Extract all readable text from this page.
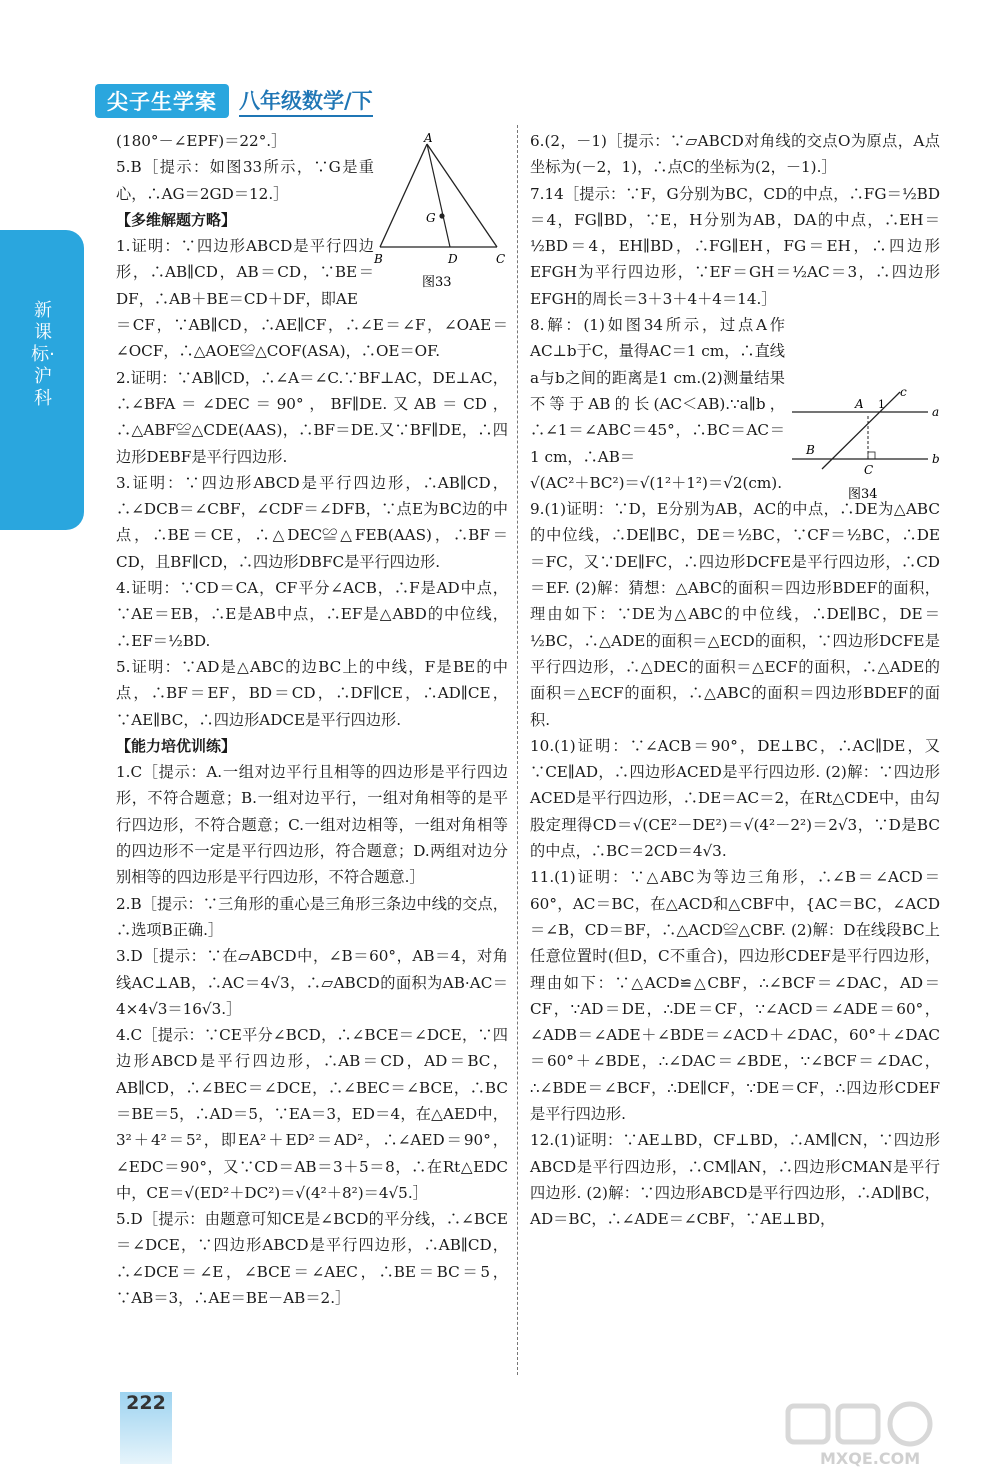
新课标·沪科
尖子生学案	八年级数学/下
(180°－∠EPF)＝22°.］
5.B［提示：如图33所示，∵G是重心，∴AG＝2GD＝12.］
【多维解题方略】
1.证明：∵四边形ABCD是平行四边形，∴AB∥CD，AB＝CD，∵BE＝DF，∴AB＋BE＝CD＋DF，即AE
＝CF，∵AB∥CD，∴AE∥CF，∴∠E＝∠F，∠OAE＝∠OCF，∴△AOE≌△COF(ASA)，∴OE＝OF.
2.证明：∵AB∥CD，∴∠A＝∠C.∵BF⊥AC，DE⊥AC，∴∠BFA＝∠DEC＝90°，BF∥DE.又AB＝CD，∴△ABF≌△CDE(AAS)，∴BF＝DE.又∵BF∥DE，∴四边形DEBF是平行四边形.
3.证明：∵四边形ABCD是平行四边形，∴AB∥CD，∴∠DCB＝∠CBF，∠CDF＝∠DFB，∵点E为BC边的中点，∴BE＝CE，∴△DEC≌△FEB(AAS)，∴BF＝CD，且BF∥CD，∴四边形DBFC是平行四边形.
4.证明：∵CD＝CA，CF平分∠ACB，∴F是AD中点，∵AE＝EB，∴E是AB中点，∴EF是△ABD的中位线，∴EF＝½BD.
5.证明：∵AD是△ABC的边BC上的中线，F是BE的中点，∴BF＝EF，BD＝CD，∴DF∥CE，∴AD∥CE，∵AE∥BC，∴四边形ADCE是平行四边形.
【能力培优训练】
1.C［提示：A.一组对边平行且相等的四边形是平行四边形，不符合题意；B.一组对边平行，一组对角相等的是平行四边形，不符合题意；C.一组对边相等，一组对角相等的四边形不一定是平行四边形，符合题意；D.两组对边分别相等的四边形是平行四边形，不符合题意.］
2.B［提示：∵三角形的重心是三角形三条边中线的交点，∴选项B正确.］
3.D［提示：∵在▱ABCD中，∠B＝60°，AB＝4，对角线AC⊥AB，∴AC＝4√3，∴▱ABCD的面积为AB·AC＝4×4√3＝16√3.］
4.C［提示：∵CE平分∠BCD，∴∠BCE＝∠DCE，∵四边形ABCD是平行四边形，∴AB＝CD，AD＝BC，AB∥CD，∴∠BEC＝∠DCE，∴∠BEC＝∠BCE，∴BC＝BE＝5，∴AD＝5，∵EA＝3，ED＝4，在△AED中，3²＋4²＝5²，即EA²＋ED²＝AD²，∴∠AED＝90°，∠EDC＝90°，又∵CD＝AB＝3＋5＝8，∴在Rt△EDC中，CE＝√(ED²＋DC²)＝√(4²＋8²)＝4√5.］
5.D［提示：由题意可知CE是∠BCD的平分线，∴∠BCE＝∠DCE，∵四边形ABCD是平行四边形，∴AB∥CD，∴∠DCE＝∠E，∠BCE＝∠AEC，∴BE＝BC＝5，∵AB＝3，∴AE＝BE－AB＝2.］
6.(2，－1)［提示：∵▱ABCD对角线的交点O为原点，A点坐标为(－2，1)，∴点C的坐标为(2，－1).］
7.14［提示：∵F，G分别为BC，CD的中点，∴FG＝½BD＝4，FG∥BD，∵E，H分别为AB，DA的中点，∴EH＝½BD＝4，EH∥BD，∴FG∥EH，FG＝EH，∴四边形EFGH为平行四边形，∵EF＝GH＝½AC＝3，∴四边形EFGH的周长＝3＋3＋4＋4＝14.］
8.解：(1)如图34所示，过点A作AC⊥b于C，量得AC＝1 cm，∴直线a与b之间的距离是1 cm.(2)测量结果不等于AB的长(AC＜AB).∵a∥b，∴∠1＝∠ABC＝45°，∴BC＝AC＝1 cm，∴AB＝
√(AC²＋BC²)＝√(1²＋1²)＝√2(cm).
9.(1)证明：∵D，E分别为AB，AC的中点，∴DE为△ABC的中位线，∴DE∥BC，DE＝½BC，∵CF＝½BC，∴DE＝FC，又∵DE∥FC，∴四边形DCFE是平行四边形，∴CD＝EF. (2)解：猜想：△ABC的面积＝四边形BDEF的面积，理由如下：∵DE为△ABC的中位线，∴DE∥BC，DE＝½BC，∴△ADE的面积＝△ECD的面积，∵四边形DCFE是平行四边形，∴△DEC的面积＝△ECF的面积，∴△ADE的面积＝△ECF的面积，∴△ABC的面积＝四边形BDEF的面积.
10.(1)证明：∵∠ACB＝90°，DE⊥BC，∴AC∥DE，又∵CE∥AD，∴四边形ACED是平行四边形. (2)解：∵四边形ACED是平行四边形，∴DE＝AC＝2，在Rt△CDE中，由勾股定理得CD＝√(CE²－DE²)＝√(4²－2²)＝2√3，∵D是BC的中点，∴BC＝2CD＝4√3.
11.(1)证明：∵△ABC为等边三角形，∴∠B＝∠ACD＝60°，AC＝BC，在△ACD和△CBF中，{AC＝BC，∠ACD＝∠B，CD＝BF，∴△ACD≌△CBF. (2)解：D在线段BC上任意位置时(但D，C不重合)，四边形CDEF是平行四边形，理由如下：∵△ACD≌△CBF，∴∠BCF＝∠DAC，AD＝CF，∵AD＝DE，∴DE＝CF，∵∠ACD＝∠ADE＝60°，∠ADB＝∠ADE＋∠BDE＝∠ACD＋∠DAC，60°＋∠DAC＝60°＋∠BDE，∴∠DAC＝∠BDE，∵∠BCF＝∠DAC，∴∠BDE＝∠BCF，∴DE∥CF，∵DE＝CF，∴四边形CDEF是平行四边形.
12.(1)证明：∵AE⊥BD，CF⊥BD，∴AM∥CN，∵四边形ABCD是平行四边形，∴CM∥AN，∴四边形CMAN是平行四边形. (2)解：∵四边形ABCD是平行四边形，∴AD∥BC，AD＝BC，∴∠ADE＝∠CBF，∵AE⊥BD，
A
B	C
D
G
图33
a
b
c
A
B
C
1
图34
222
MXQE.COM
